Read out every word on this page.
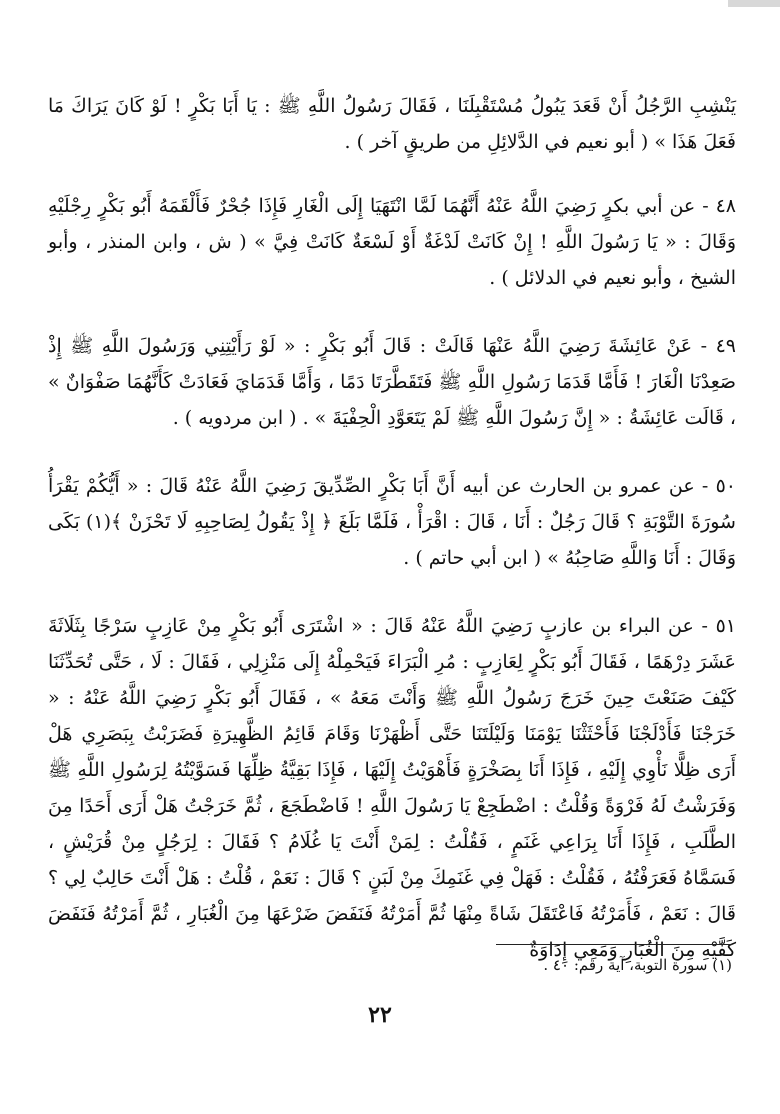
يَنْشِبِ الرَّجُلُ أَنْ قَعَدَ يَبُولُ مُسْتَقْبِلَنَا ، فَقَالَ رَسُولُ اللَّهِ ﷺ : يَا أَبَا بَكْرٍ ! لَوْ كَانَ يَرَاكَ مَا فَعَلَ هَذَا » ( أبو نعيم في الدَّلائِلِ من طريقٍ آخر ) .

٤٨ - عن أبي بكرٍ رَضِيَ اللَّهُ عَنْهُ أَنَّهُمَا لَمَّا انْتَهَيَا إِلَى الْغَارِ فَإِذَا جُحْرٌ فَأَلْقَمَهُ أَبُو بَكْرٍ رِجْلَيْهِ وَقَالَ : « يَا رَسُولَ اللَّهِ ! إِنْ كَانَتْ لَدْغَةٌ أَوْ لَسْعَةٌ كَانَتْ فِيَّ » ( ش ، وابن المنذر ، وأبو الشيخ ، وأبو نعيم في الدلائل ) .

٤٩ - عَنْ عَائِشَةَ رَضِيَ اللَّهُ عَنْهَا قَالَتْ : قَالَ أَبُو بَكْرٍ : « لَوْ رَأَيْتِنِي وَرَسُولَ اللَّهِ ﷺ إِذْ صَعِدْنَا الْغَارَ ! فَأَمَّا قَدَمَا رَسُولِ اللَّهِ ﷺ فَتَقَطَّرَتَا دَمًا ، وَأَمَّا قَدَمَايَ فَعَادَتْ كَأَنَّهُمَا صَفْوَانٌ » ، قَالَت عَائِشَةُ : « إِنَّ رَسُولَ اللَّهِ ﷺ لَمْ يَتَعَوَّدِ الْحِفْيَةَ » . ( ابن مردويه ) .

٥٠ - عن عمرو بن الحارث عن أبيه أَنَّ أَبَا بَكْرٍ الصِّدِّيقَ رَضِيَ اللَّهُ عَنْهُ قَالَ : « أَيُّكُمْ يَقْرَأُ سُورَةَ التَّوْبَةِ ؟ قَالَ رَجُلٌ : أَنَا ، قَالَ : اقْرَأْ ، فَلَمَّا بَلَغَ ﴿ إِذْ يَقُولُ لِصَاحِبِهِ لَا تَحْزَنْ ﴾(١) بَكَى وَقَالَ : أَنَا وَاللَّهِ صَاحِبُهُ » ( ابن أبي حاتم ) .

٥١ - عن البراء بن عازبٍ رَضِيَ اللَّهُ عَنْهُ قَالَ : « اشْتَرَى أَبُو بَكْرٍ مِنْ عَازِبٍ سَرْجًا بِثَلَاثَةَ عَشَرَ دِرْهَمًا ، فَقَالَ أَبُو بَكْرٍ لِعَازِبٍ : مُرِ الْبَرَاءَ فَيَحْمِلْهُ إِلَى مَنْزِلِي ، فَقَالَ : لَا ، حَتَّى تُحَدِّثَنَا كَيْفَ صَنَعْتَ حِينَ خَرَجَ رَسُولُ اللَّهِ ﷺ وَأَنْتَ مَعَهُ » ، فَقَالَ أَبُو بَكْرٍ رَضِيَ اللَّهُ عَنْهُ : « خَرَجْنَا فَأَدْلَجْنَا فَأَحْثَثْنَا يَوْمَنَا وَلَيْلَتَنَا حَتَّى أَظْهَرْنَا وَقَامَ قَائِمُ الظَّهِيرَةِ فَضَرَبْتُ بِبَصَرِي هَلْ أَرَى ظِلًّا نَأْوِي إِلَيْهِ ، فَإِذَا أَنَا بِصَخْرَةٍ فَأَهْوَيْتُ إِلَيْهَا ، فَإِذَا بَقِيَّةُ ظِلِّهَا فَسَوَّيْتُهُ لِرَسُولِ اللَّهِ ﷺ وَفَرَشْتُ لَهُ فَرْوَةً وَقُلْتُ : اضْطَجِعْ يَا رَسُولَ اللَّهِ ! فَاضْطَجَعَ ، ثُمَّ خَرَجْتُ هَلْ أَرَى أَحَدًا مِنَ الطَّلَبِ ، فَإِذَا أَنَا بِرَاعِي غَنَمٍ ، فَقُلْتُ : لِمَنْ أَنْتَ يَا غُلَامُ ؟ فَقَالَ : لِرَجُلٍ مِنْ قُرَيْشٍ ، فَسَمَّاهُ فَعَرَفْتُهُ ، فَقُلْتُ : فَهَلْ فِي غَنَمِكَ مِنْ لَبَنٍ ؟ قَالَ : نَعَمْ ، قُلْتُ : هَلْ أَنْتَ حَالِبٌ لِي ؟ قَالَ : نَعَمْ ، فَأَمَرْتُهُ فَاعْتَقَلَ شَاةً مِنْهَا ثُمَّ أَمَرْتُهُ فَنَفَضَ ضَرْعَهَا مِنَ الْغُبَارِ ، ثُمَّ أَمَرْتُهُ فَنَفَضَ كَفَّيْهِ مِنَ الْغُبَارِ وَمَعِي إِدَاوَةٌ

(١) سورة التوبة، آية رقم: ٤٠ .
٢٢
